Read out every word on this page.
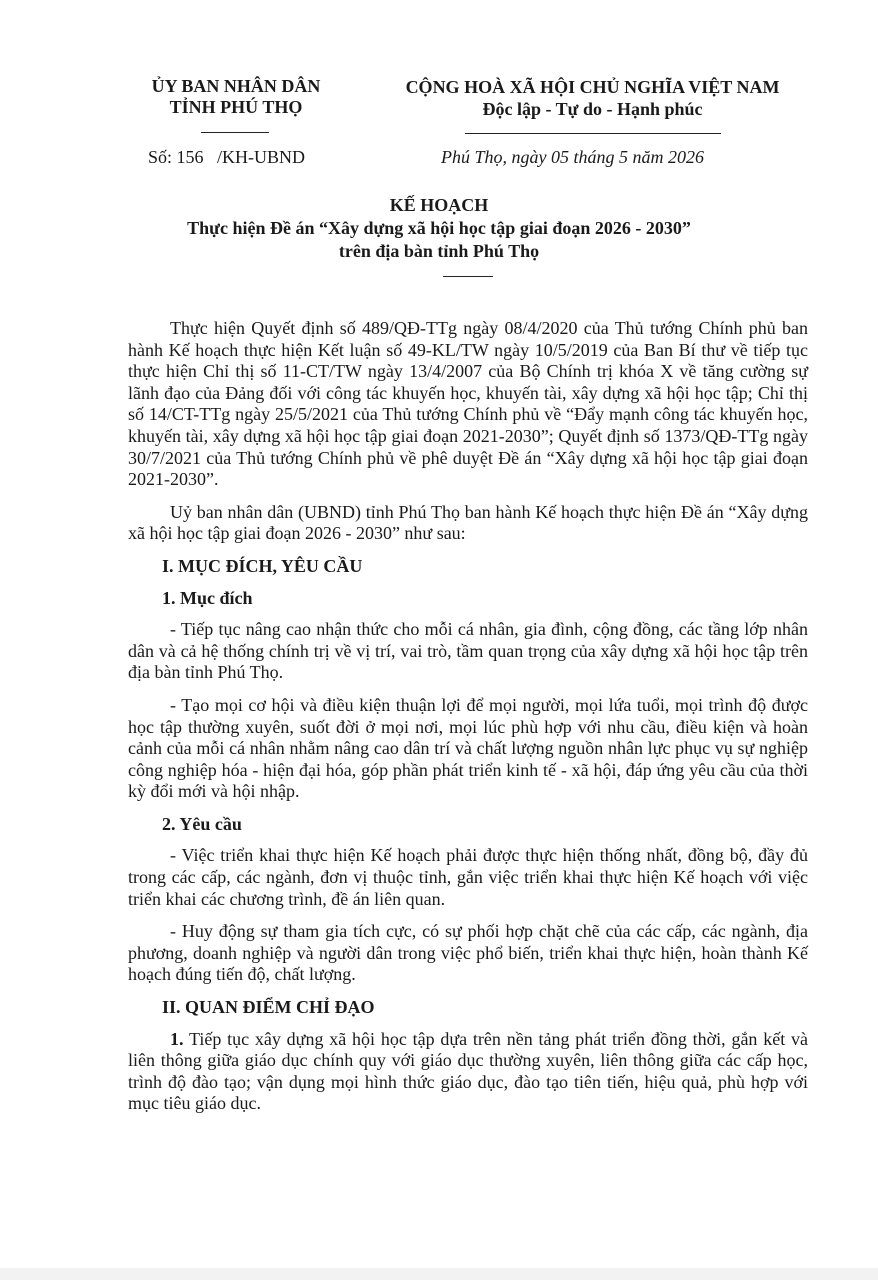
ỦY BAN NHÂN DÂN
TỈNH PHÚ THỌ
CỘNG HOÀ XÃ HỘI CHỦ NGHĨA VIỆT NAM
Độc lập - Tự do - Hạnh phúc
Số: 156   /KH-UBND	Phú Thọ, ngày 05 tháng 5 năm 2026
KẾ HOẠCH
Thực hiện Đề án “Xây dựng xã hội học tập giai đoạn 2026 - 2030”
trên địa bàn tỉnh Phú Thọ

Thực hiện Quyết định số 489/QĐ-TTg ngày 08/4/2020 của Thủ tướng Chính phủ ban hành Kế hoạch thực hiện Kết luận số 49-KL/TW ngày 10/5/2019 của Ban Bí thư về tiếp tục thực hiện Chỉ thị số 11-CT/TW ngày 13/4/2007 của Bộ Chính trị khóa X về tăng cường sự lãnh đạo của Đảng đối với công tác khuyến học, khuyến tài, xây dựng xã hội học tập; Chỉ thị số 14/CT-TTg ngày 25/5/2021 của Thủ tướng Chính phủ về “Đẩy mạnh công tác khuyến học, khuyến tài, xây dựng xã hội học tập giai đoạn 2021-2030”; Quyết định số 1373/QĐ-TTg ngày 30/7/2021 của Thủ tướng Chính phủ về phê duyệt Đề án “Xây dựng xã hội học tập giai đoạn 2021-2030”.

Uỷ ban nhân dân (UBND) tỉnh Phú Thọ ban hành Kế hoạch thực hiện Đề án “Xây dựng xã hội học tập giai đoạn 2026 - 2030” như sau:

I. MỤC ĐÍCH, YÊU CẦU

1. Mục đích

- Tiếp tục nâng cao nhận thức cho mỗi cá nhân, gia đình, cộng đồng, các tầng lớp nhân dân và cả hệ thống chính trị về vị trí, vai trò, tầm quan trọng của xây dựng xã hội học tập trên địa bàn tỉnh Phú Thọ.

- Tạo mọi cơ hội và điều kiện thuận lợi để mọi người, mọi lứa tuổi, mọi trình độ được học tập thường xuyên, suốt đời ở mọi nơi, mọi lúc phù hợp với nhu cầu, điều kiện và hoàn cảnh của mỗi cá nhân nhằm nâng cao dân trí và chất lượng nguồn nhân lực phục vụ sự nghiệp công nghiệp hóa - hiện đại hóa, góp phần phát triển kinh tế - xã hội, đáp ứng yêu cầu của thời kỳ đổi mới và hội nhập.

2. Yêu cầu

- Việc triển khai thực hiện Kế hoạch phải được thực hiện thống nhất, đồng bộ, đầy đủ trong các cấp, các ngành, đơn vị thuộc tỉnh, gắn việc triển khai thực hiện Kế hoạch với việc triển khai các chương trình, đề án liên quan.

- Huy động sự tham gia tích cực, có sự phối hợp chặt chẽ của các cấp, các ngành, địa phương, doanh nghiệp và người dân trong việc phổ biến, triển khai thực hiện, hoàn thành Kế hoạch đúng tiến độ, chất lượng.

II. QUAN ĐIỂM CHỈ ĐẠO

1. Tiếp tục xây dựng xã hội học tập dựa trên nền tảng phát triển đồng thời, gắn kết và liên thông giữa giáo dục chính quy với giáo dục thường xuyên, liên thông giữa các cấp học, trình độ đào tạo; vận dụng mọi hình thức giáo dục, đào tạo tiên tiến, hiệu quả, phù hợp với mục tiêu giáo dục.
